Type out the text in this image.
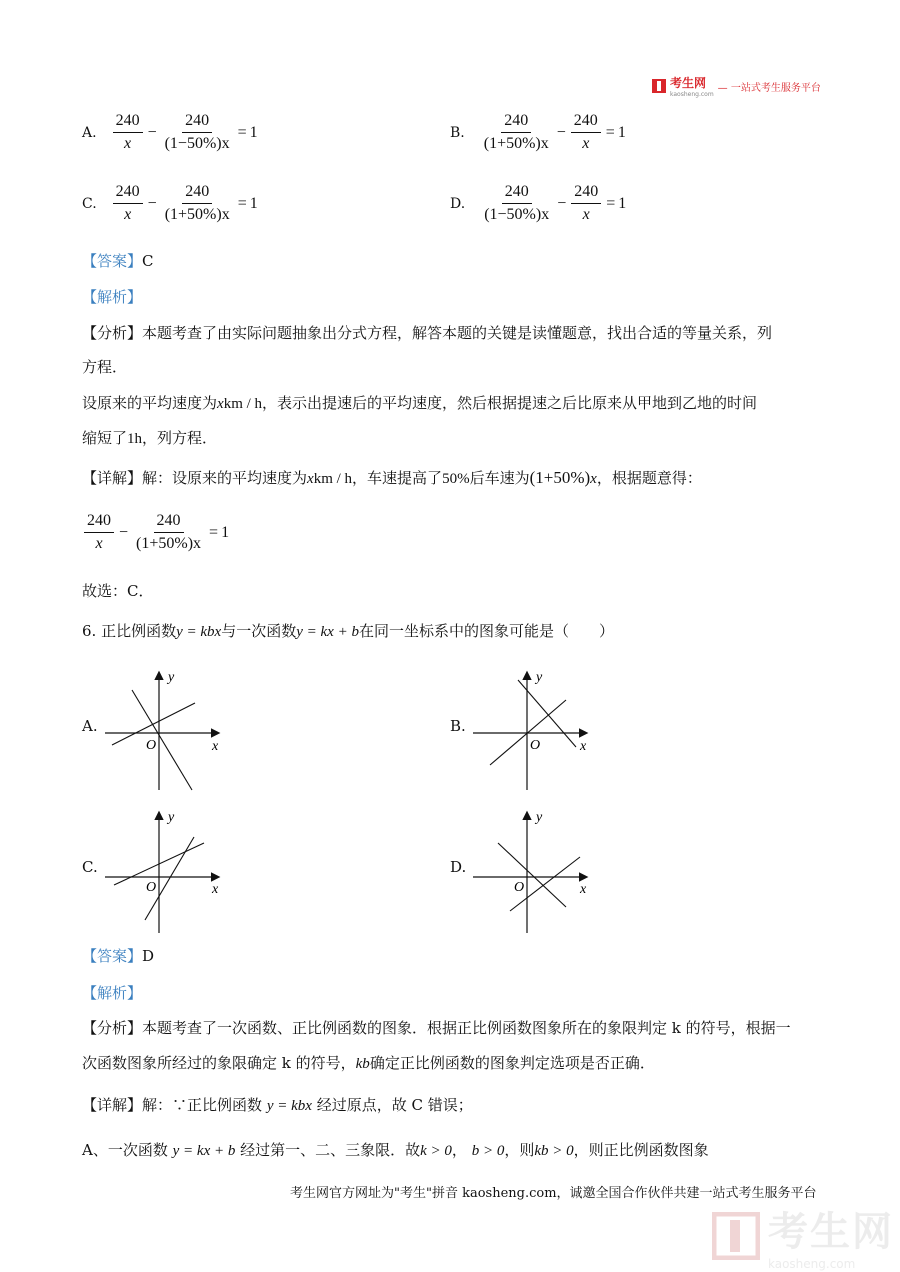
考生网
kaosheng.com
— 一站式考生服务平台
A. $\frac{240}{x} - \frac{240}{(1-50\%)x} = 1$	B. $\frac{240}{(1+50\%)x} - \frac{240}{x} = 1$
C. $\frac{240}{x} - \frac{240}{(1+50\%)x} = 1$	D. $\frac{240}{(1-50\%)x} - \frac{240}{x} = 1$
【答案】C
【解析】
【分析】本题考查了由实际问题抽象出分式方程，解答本题的关键是读懂题意，找出合适的等量关系，列
方程．
设原来的平均速度为xkm / h，表示出提速后的平均速度，然后根据提速之后比原来从甲地到乙地的时间
缩短了1h，列方程．
【详解】解：设原来的平均速度为xkm / h，车速提高了50%后车速为(1+50%)x，根据题意得：
$\frac{240}{x} - \frac{240}{(1+50\%)x} = 1$
故选：C．
6. 正比例函数y = kbx与一次函数y = kx + b在同一坐标系中的图象可能是（　　）
A.	B.
C.	D.
y
x
O
y
x
O
y
x
O
y
x
O
【答案】D
【解析】
【分析】本题考查了一次函数、正比例函数的图象．根据正比例函数图象所在的象限判定 k 的符号，根据一
次函数图象所经过的象限确定 k 的符号，kb确定正比例函数的图象判定选项是否正确．
【详解】解：∵正比例函数 y = kbx 经过原点，故 C 错误；
A、一次函数 y = kx + b 经过第一、二、三象限．故k > 0， b > 0，则kb > 0，则正比例函数图象
考生网官方网址为"考生"拼音 kaosheng.com，诚邀全国合作伙伴共建一站式考生服务平台
考生网
kaosheng.com
